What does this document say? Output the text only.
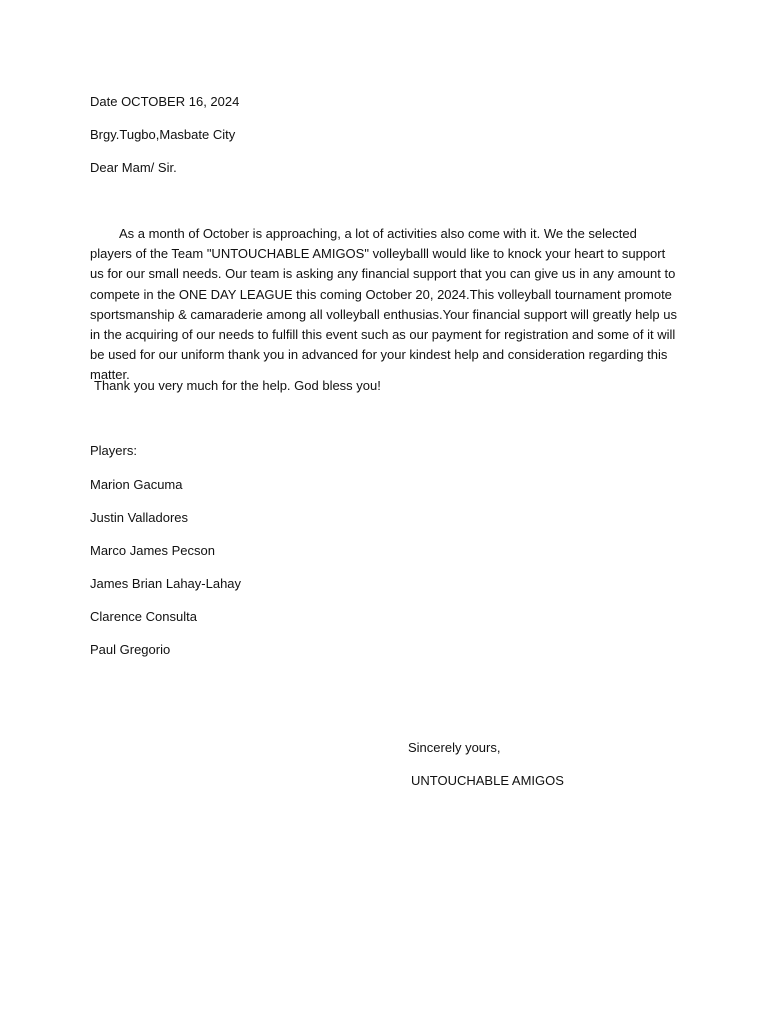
Date OCTOBER 16, 2024
Brgy.Tugbo,Masbate City
Dear Mam/ Sir.
As a month of October is approaching, a lot of activities also come with it. We the selected players of the Team "UNTOUCHABLE AMIGOS" volleyballl would like to knock your heart to support us for our small needs. Our team is asking any financial support that you can give us in any amount to compete in the ONE DAY LEAGUE this coming October 20, 2024.This volleyball tournament promote sportsmanship & camaraderie among all volleyball enthusias.Your financial support will greatly help us in the acquiring of our needs to fulfill this event such as our payment for registration and some of it will be used for our uniform thank you in advanced for your kindest help and consideration regarding this matter.
Thank you very much for the help. God bless you!
Players:
Marion Gacuma
Justin Valladores
Marco James Pecson
James Brian Lahay-Lahay
Clarence Consulta
Paul Gregorio
Sincerely yours,
UNTOUCHABLE AMIGOS
